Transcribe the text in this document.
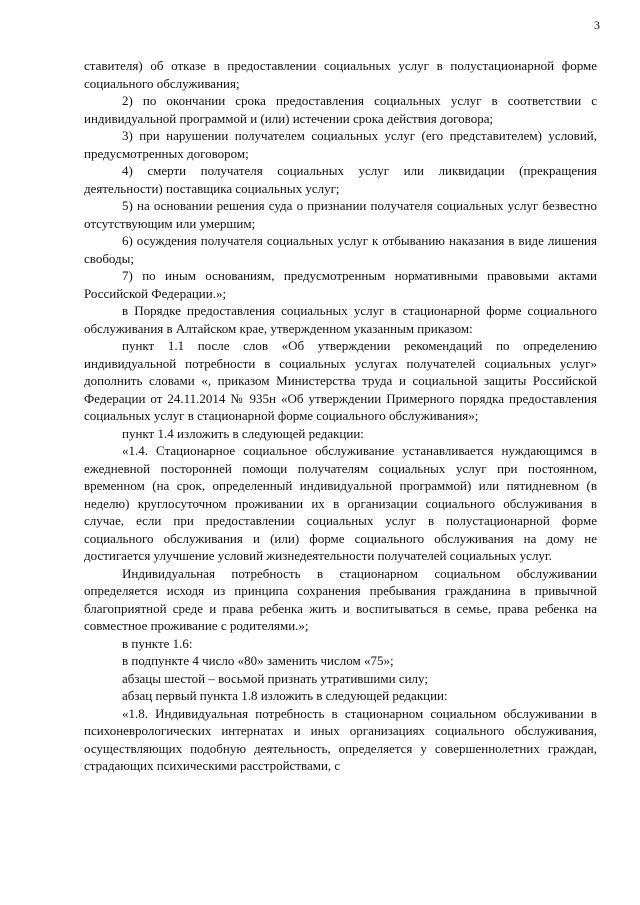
3

ставителя) об отказе в предоставлении социальных услуг в полустационарной форме социального обслуживания;

2) по окончании срока предоставления социальных услуг в соответствии с индивидуальной программой и (или) истечении срока действия договора;

3) при нарушении получателем социальных услуг (его представителем) условий, предусмотренных договором;

4) смерти получателя социальных услуг или ликвидации (прекращения деятельности) поставщика социальных услуг;

5) на основании решения суда о признании получателя социальных услуг безвестно отсутствующим или умершим;

6) осуждения получателя социальных услуг к отбыванию наказания в виде лишения свободы;

7) по иным основаниям, предусмотренным нормативными правовыми актами Российской Федерации.»;

в Порядке предоставления социальных услуг в стационарной форме социального обслуживания в Алтайском крае, утвержденном указанным приказом:

пункт 1.1 после слов «Об утверждении рекомендаций по определению индивидуальной потребности в социальных услугах получателей социальных услуг» дополнить словами «, приказом Министерства труда и социальной защиты Российской Федерации от 24.11.2014 № 935н «Об утверждении Примерного порядка предоставления социальных услуг в стационарной форме социального обслуживания»;

пункт 1.4 изложить в следующей редакции:

«1.4. Стационарное социальное обслуживание устанавливается нуждающимся в ежедневной посторонней помощи получателям социальных услуг при постоянном, временном (на срок, определенный индивидуальной программой) или пятидневном (в неделю) круглосуточном проживании их в организации социального обслуживания в случае, если при предоставлении социальных услуг в полустационарной форме социального обслуживания и (или) форме социального обслуживания на дому не достигается улучшение условий жизнедеятельности получателей социальных услуг.

Индивидуальная потребность в стационарном социальном обслуживании определяется исходя из принципа сохранения пребывания гражданина в привычной благоприятной среде и права ребенка жить и воспитываться в семье, права ребенка на совместное проживание с родителями.»;

в пункте 1.6:

в подпункте 4 число «80» заменить числом «75»;

абзацы шестой – восьмой признать утратившими силу;

абзац первый пункта 1.8 изложить в следующей редакции:

«1.8. Индивидуальная потребность в стационарном социальном обслуживании в психоневрологических интернатах и иных организациях социального обслуживания, осуществляющих подобную деятельность, определяется у совершеннолетних граждан, страдающих психическими расстройствами, с
